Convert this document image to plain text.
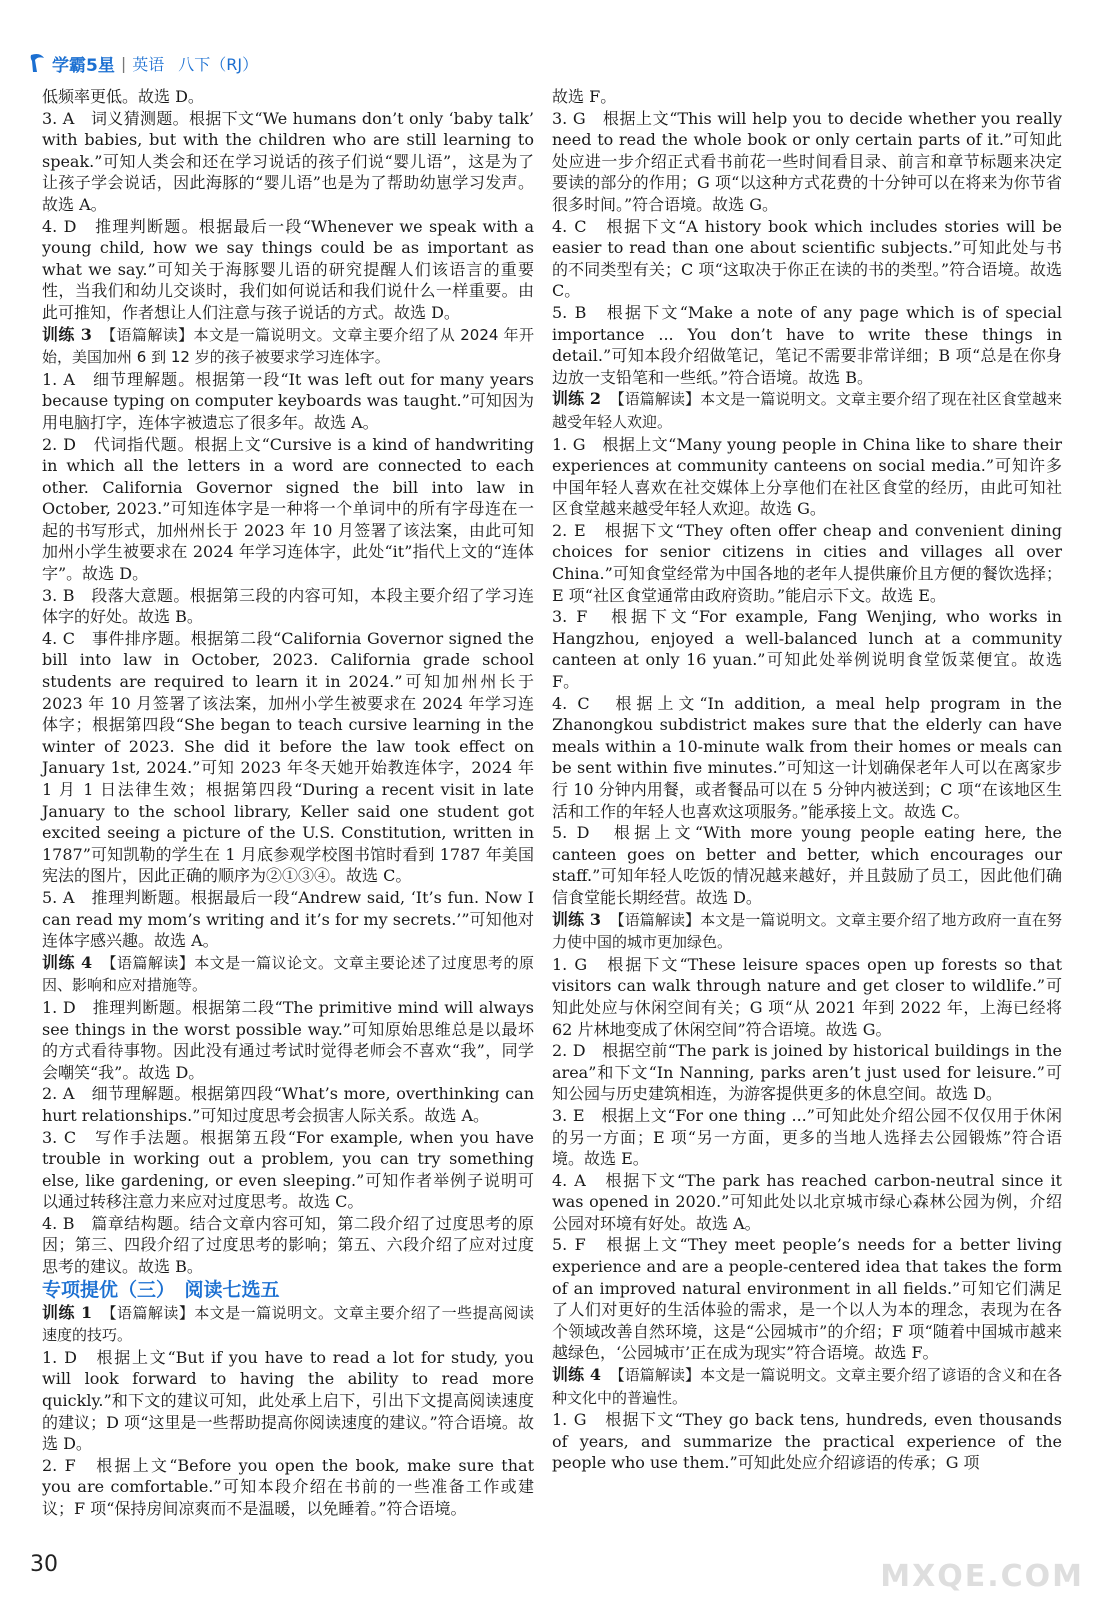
学霸5星 | 英语 八下（RJ）

低频率更低。故选 D。

3. A　词义猜测题。根据下文“We humans don’t only ‘baby talk’ with babies, but with the children who are still learning to speak.”可知人类会和还在学习说话的孩子们说“婴儿语”，这是为了让孩子学会说话，因此海豚的“婴儿语”也是为了帮助幼崽学习发声。故选 A。

4. D　推理判断题。根据最后一段“Whenever we speak with a young child, how we say things could be as important as what we say.”可知关于海豚婴儿语的研究提醒人们该语言的重要性，当我们和幼儿交谈时，我们如何说话和我们说什么一样重要。由此可推知，作者想让人们注意与孩子说话的方式。故选 D。

训练 3　 【语篇解读】本文是一篇说明文。文章主要介绍了从 2024 年开始，美国加州 6 到 12 岁的孩子被要求学习连体字。

1. A　细节理解题。根据第一段“It was left out for many years because typing on computer keyboards was taught.”可知因为用电脑打字，连体字被遗忘了很多年。故选 A。

2. D　代词指代题。根据上文“Cursive is a kind of handwriting in which all the letters in a word are connected to each other. California Governor signed the bill into law in October, 2023.”可知连体字是一种将一个单词中的所有字母连在一起的书写形式，加州州长于 2023 年 10 月签署了该法案，由此可知加州小学生被要求在 2024 年学习连体字，此处“it”指代上文的“连体字”。故选 D。

3. B　段落大意题。根据第三段的内容可知，本段主要介绍了学习连体字的好处。故选 B。

4. C　事件排序题。根据第二段“California Governor signed the bill into law in October, 2023. California grade school students are required to learn it in 2024.”可知加州州长于 2023 年 10 月签署了该法案，加州小学生被要求在 2024 年学习连体字；根据第四段“She began to teach cursive learning in the winter of 2023. She did it before the law took effect on January 1st, 2024.”可知 2023 年冬天她开始教连体字，2024 年 1 月 1 日法律生效；根据第四段“During a recent visit in late January to the school library, Keller said one student got excited seeing a picture of the U.S. Constitution, written in 1787”可知凯勒的学生在 1 月底参观学校图书馆时看到 1787 年美国宪法的图片，因此正确的顺序为②①③④。故选 C。

5. A　推理判断题。根据最后一段“Andrew said, ‘It’s fun. Now I can read my mom’s writing and it’s for my secrets.’”可知他对连体字感兴趣。故选 A。

训练 4　 【语篇解读】本文是一篇议论文。文章主要论述了过度思考的原因、影响和应对措施等。

1. D　推理判断题。根据第二段“The primitive mind will always see things in the worst possible way.”可知原始思维总是以最坏的方式看待事物。因此没有通过考试时觉得老师会不喜欢“我”，同学会嘲笑“我”。故选 D。

2. A　细节理解题。根据第四段“What’s more, overthinking can hurt relationships.”可知过度思考会损害人际关系。故选 A。

3. C　写作手法题。根据第五段“For example, when you have trouble in working out a problem, you can try something else, like gardening, or even sleeping.”可知作者举例子说明可以通过转移注意力来应对过度思考。故选 C。

4. B　篇章结构题。结合文章内容可知，第二段介绍了过度思考的原因；第三、四段介绍了过度思考的影响；第五、六段介绍了应对过度思考的建议。故选 B。

专项提优（三）　阅读七选五

训练 1　 【语篇解读】本文是一篇说明文。文章主要介绍了一些提高阅读速度的技巧。

1. D　根据上文“But if you have to read a lot for study, you will look forward to having the ability to read more quickly.”和下文的建议可知，此处承上启下，引出下文提高阅读速度的建议；D 项“这里是一些帮助提高你阅读速度的建议。”符合语境。故选 D。

2. F　根据上文“Before you open the book, make sure that you are comfortable.”可知本段介绍在书前的一些准备工作或建议；F 项“保持房间凉爽而不是温暖，以免睡着。”符合语境。

故选 F。

3. G　根据上文“This will help you to decide whether you really need to read the whole book or only certain parts of it.”可知此处应进一步介绍正式看书前花一些时间看目录、前言和章节标题来决定要读的部分的作用；G 项“以这种方式花费的十分钟可以在将来为你节省很多时间。”符合语境。故选 G。

4. C　根据下文“A history book which includes stories will be easier to read than one about scientific subjects.”可知此处与书的不同类型有关；C 项“这取决于你正在读的书的类型。”符合语境。故选 C。

5. B　根据下文“Make a note of any page which is of special importance ... You don’t have to write these things in detail.”可知本段介绍做笔记，笔记不需要非常详细；B 项“总是在你身边放一支铅笔和一些纸。”符合语境。故选 B。

训练 2　 【语篇解读】本文是一篇说明文。文章主要介绍了现在社区食堂越来越受年轻人欢迎。

1. G　根据上文“Many young people in China like to share their experiences at community canteens on social media.”可知许多中国年轻人喜欢在社交媒体上分享他们在社区食堂的经历，由此可知社区食堂越来越受年轻人欢迎。故选 G。

2. E　根据下文“They often offer cheap and convenient dining choices for senior citizens in cities and villages all over China.”可知食堂经常为中国各地的老年人提供廉价且方便的餐饮选择；E 项“社区食堂通常由政府资助。”能启示下文。故选 E。

3. F　根据下文“For example, Fang Wenjing, who works in Hangzhou, enjoyed a well-balanced lunch at a community canteen at only 16 yuan.”可知此处举例说明食堂饭菜便宜。故选 F。

4. C　根据上文“In addition, a meal help program in the Zhanongkou subdistrict makes sure that the elderly can have meals within a 10-minute walk from their homes or meals can be sent within five minutes.”可知这一计划确保老年人可以在离家步行 10 分钟内用餐，或者餐品可以在 5 分钟内被送到；C 项“在该地区生活和工作的年轻人也喜欢这项服务。”能承接上文。故选 C。

5. D　根据上文“With more young people eating here, the canteen goes on better and better, which encourages our staff.”可知年轻人吃饭的情况越来越好，并且鼓励了员工，因此他们确信食堂能长期经营。故选 D。

训练 3　 【语篇解读】本文是一篇说明文。文章主要介绍了地方政府一直在努力使中国的城市更加绿色。

1. G　根据下文“These leisure spaces open up forests so that visitors can walk through nature and get closer to wildlife.”可知此处应与休闲空间有关；G 项“从 2021 年到 2022 年，上海已经将 62 片林地变成了休闲空间”符合语境。故选 G。

2. D　根据空前“The park is joined by historical buildings in the area”和下文“In Nanning, parks aren’t just used for leisure.”可知公园与历史建筑相连，为游客提供更多的休息空间。故选 D。

3. E　根据上文“For one thing ...”可知此处介绍公园不仅仅用于休闲的另一方面；E 项“另一方面，更多的当地人选择去公园锻炼”符合语境。故选 E。

4. A　根据下文“The park has reached carbon-neutral since it was opened in 2020.”可知此处以北京城市绿心森林公园为例，介绍公园对环境有好处。故选 A。

5. F　根据上文“They meet people’s needs for a better living experience and are a people-centered idea that takes the form of an improved natural environment in all fields.”可知它们满足了人们对更好的生活体验的需求，是一个以人为本的理念，表现为在各个领域改善自然环境，这是“公园城市”的介绍；F 项“随着中国城市越来越绿色，‘公园城市’正在成为现实”符合语境。故选 F。

训练 4　 【语篇解读】本文是一篇说明文。文章主要介绍了谚语的含义和在各种文化中的普遍性。

1. G　根据下文“They go back tens, hundreds, even thousands of years, and summarize the practical experience of the people who use them.”可知此处应介绍谚语的传承；G 项

30	MXQE.COM
